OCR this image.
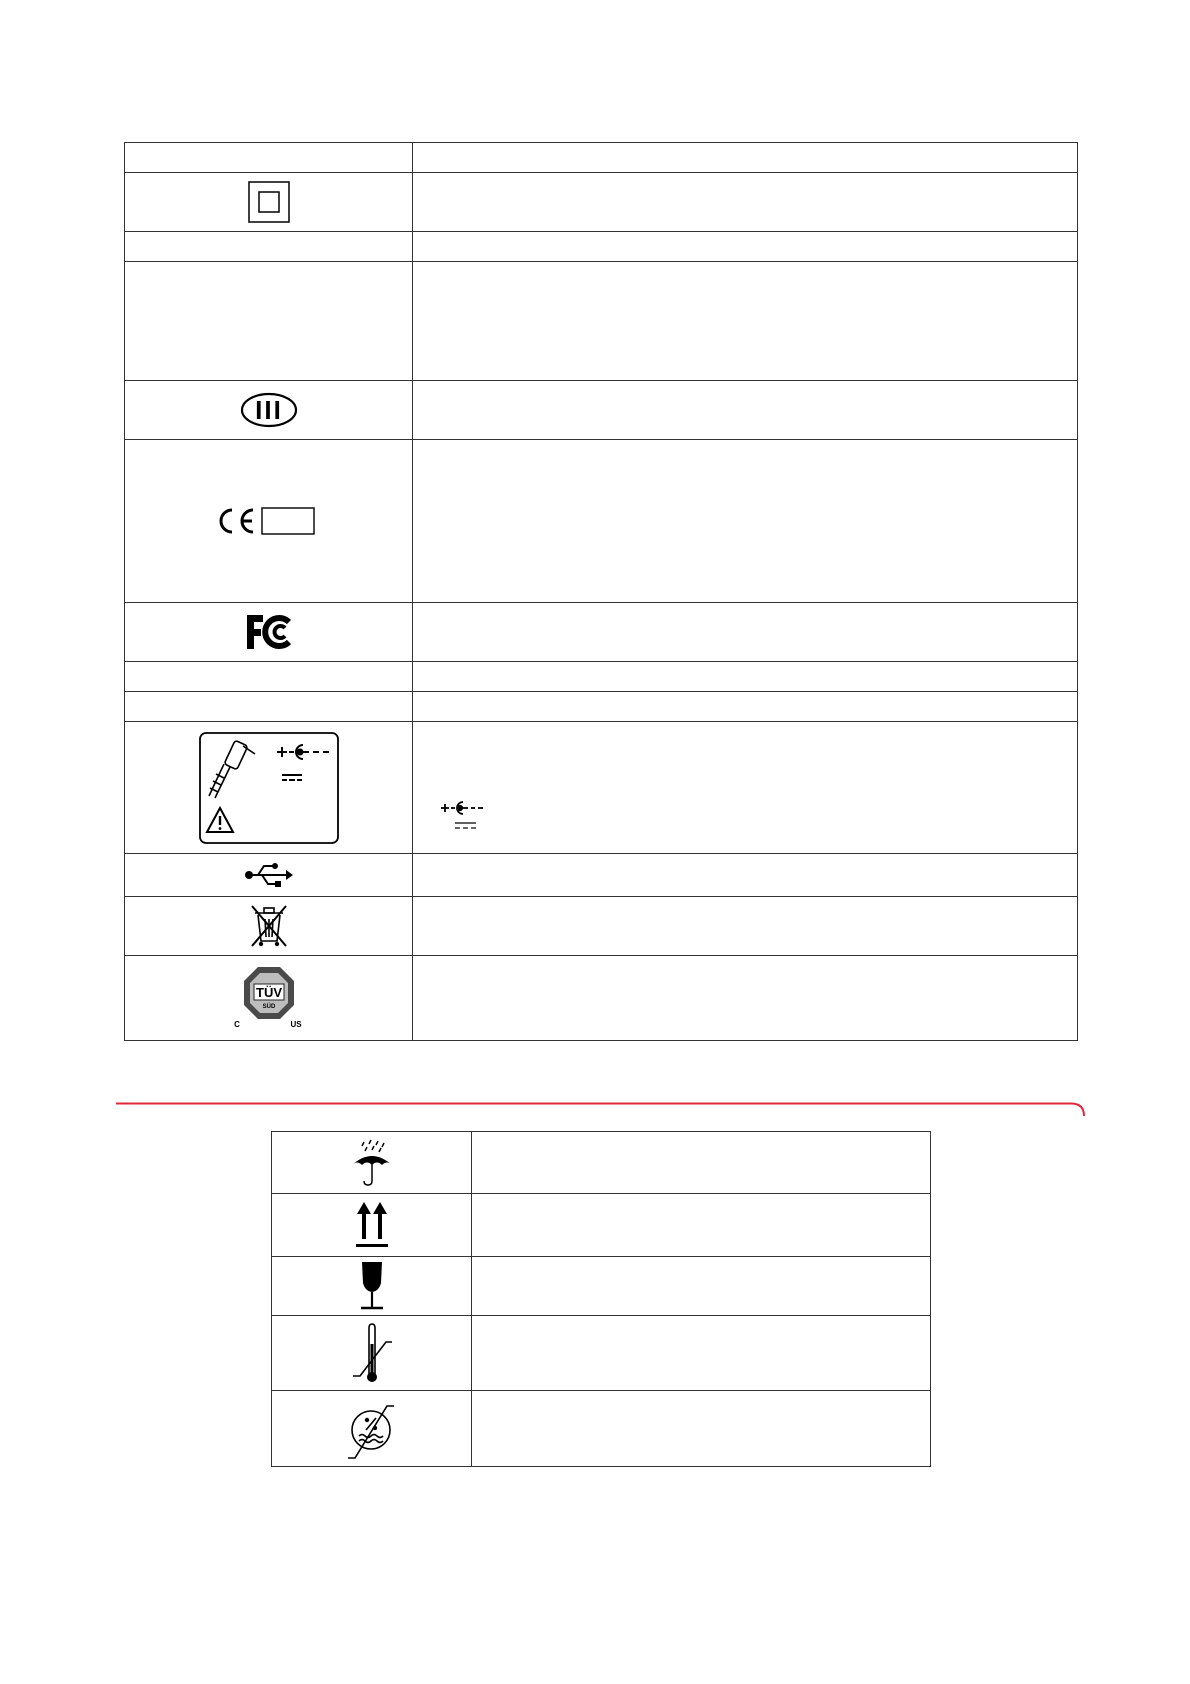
III	

TÜV
SÜD
C US	
